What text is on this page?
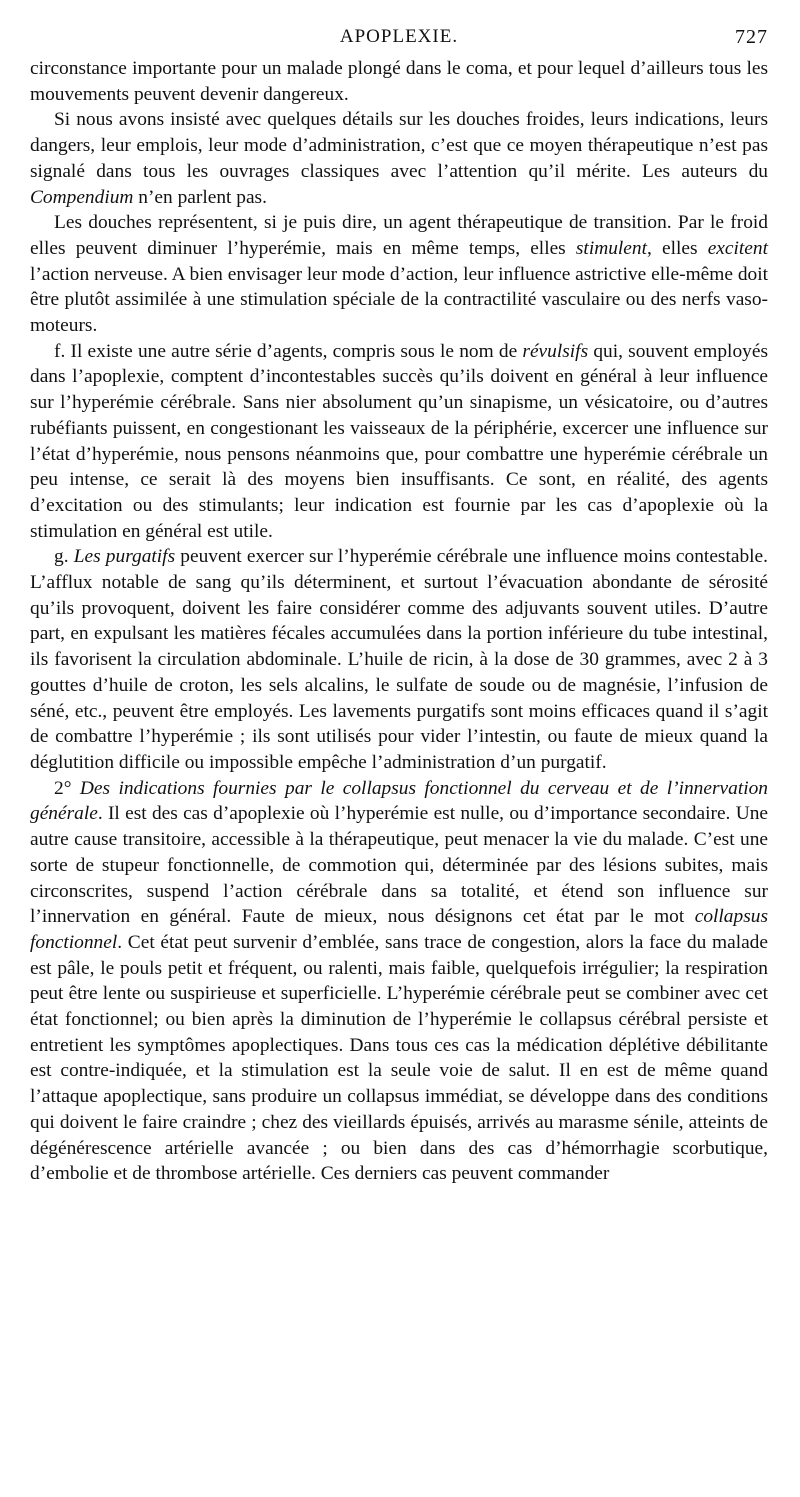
APOPLEXIE.	727

circonstance importante pour un malade plongé dans le coma, et pour lequel d’ailleurs tous les mouvements peuvent devenir dangereux.

Si nous avons insisté avec quelques détails sur les douches froides, leurs indications, leurs dangers, leur emplois, leur mode d’administration, c’est que ce moyen thérapeutique n’est pas signalé dans tous les ouvrages classiques avec l’attention qu’il mérite. Les auteurs du Compendium n’en parlent pas.

Les douches représentent, si je puis dire, un agent thérapeutique de transition. Par le froid elles peuvent diminuer l’hyperémie, mais en même temps, elles stimulent, elles excitent l’action nerveuse. A bien envisager leur mode d’action, leur influence astrictive elle-même doit être plutôt assimilée à une stimulation spéciale de la contractilité vasculaire ou des nerfs vaso-moteurs.

f. Il existe une autre série d’agents, compris sous le nom de révulsifs qui, souvent employés dans l’apoplexie, comptent d’incontestables succès qu’ils doivent en général à leur influence sur l’hyperémie cérébrale. Sans nier absolument qu’un sinapisme, un vésicatoire, ou d’autres rubéfiants puissent, en congestionant les vaisseaux de la périphérie, excercer une influence sur l’état d’hyperémie, nous pensons néanmoins que, pour combattre une hyperémie cérébrale un peu intense, ce serait là des moyens bien insuffisants. Ce sont, en réalité, des agents d’excitation ou des stimulants; leur indication est fournie par les cas d’apoplexie où la stimulation en général est utile.

g. Les purgatifs peuvent exercer sur l’hyperémie cérébrale une influence moins contestable. L’afflux notable de sang qu’ils déterminent, et surtout l’évacuation abondante de sérosité qu’ils provoquent, doivent les faire considérer comme des adjuvants souvent utiles. D’autre part, en expulsant les matières fécales accumulées dans la portion inférieure du tube intestinal, ils favorisent la circulation abdominale. L’huile de ricin, à la dose de 30 grammes, avec 2 à 3 gouttes d’huile de croton, les sels alcalins, le sulfate de soude ou de magnésie, l’infusion de séné, etc., peuvent être employés. Les lavements purgatifs sont moins efficaces quand il s’agit de combattre l’hyperémie ; ils sont utilisés pour vider l’intestin, ou faute de mieux quand la déglutition difficile ou impossible empêche l’administration d’un purgatif.

2° Des indications fournies par le collapsus fonctionnel du cerveau et de l’innervation générale. Il est des cas d’apoplexie où l’hyperémie est nulle, ou d’importance secondaire. Une autre cause transitoire, accessible à la thérapeutique, peut menacer la vie du malade. C’est une sorte de stupeur fonctionnelle, de commotion qui, déterminée par des lésions subites, mais circonscrites, suspend l’action cérébrale dans sa totalité, et étend son influence sur l’innervation en général. Faute de mieux, nous désignons cet état par le mot collapsus fonctionnel. Cet état peut survenir d’emblée, sans trace de congestion, alors la face du malade est pâle, le pouls petit et fréquent, ou ralenti, mais faible, quelquefois irrégulier; la respiration peut être lente ou suspirieuse et superficielle. L’hyperémie cérébrale peut se combiner avec cet état fonctionnel; ou bien après la diminution de l’hyperémie le collapsus cérébral persiste et entretient les symptômes apoplectiques. Dans tous ces cas la médication déplétive débilitante est contre-indiquée, et la stimulation est la seule voie de salut. Il en est de même quand l’attaque apoplectique, sans produire un collapsus immédiat, se développe dans des conditions qui doivent le faire craindre ; chez des vieillards épuisés, arrivés au marasme sénile, atteints de dégénérescence artérielle avancée ; ou bien dans des cas d’hémorrhagie scorbutique, d’embolie et de thrombose artérielle. Ces derniers cas peuvent commander
